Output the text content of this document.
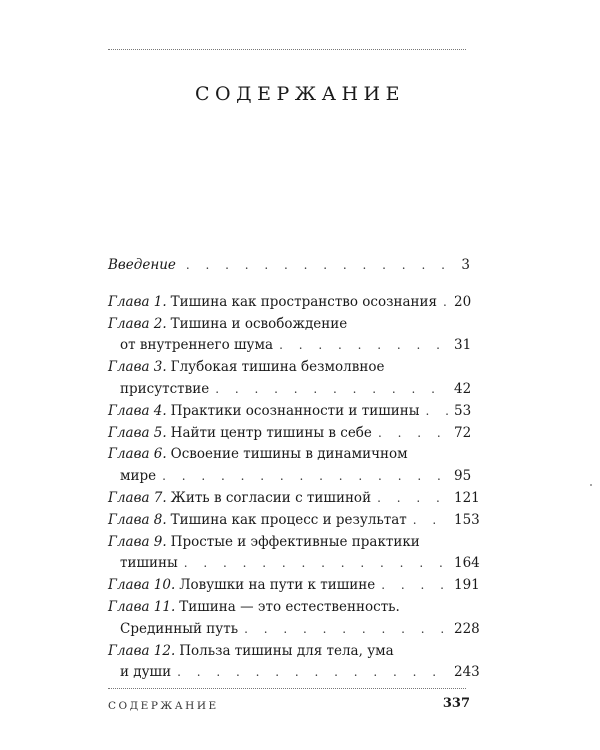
СОДЕРЖАНИЕ
Введение . . .	3
Глава 1. Тишина как пространство осознания . . . 20
Глава 2. Тишина и освобождение
от внутреннего шума . . .	31
Глава 3. Глубокая тишина безмолвное
присутствие . . .	42
Глава 4. Практики осознанности и тишины . . .	53
Глава 5. Найти центр тишины в себе . . .	72
Глава 6. Освоение тишины в динамичном
мире . . .	95
Глава 7. Жить в согласии с тишиной . . .	121
Глава 8. Тишина как процесс и результат . . .	153
Глава 9. Простые и эффективные практики
тишины . . .	164
Глава 10. Ловушки на пути к тишине . . .	191
Глава 11. Тишина — это естественность.
Срединный путь . . .	228
Глава 12. Польза тишины для тела, ума
и души . . .	243
СОДЕРЖАНИЕ	337
